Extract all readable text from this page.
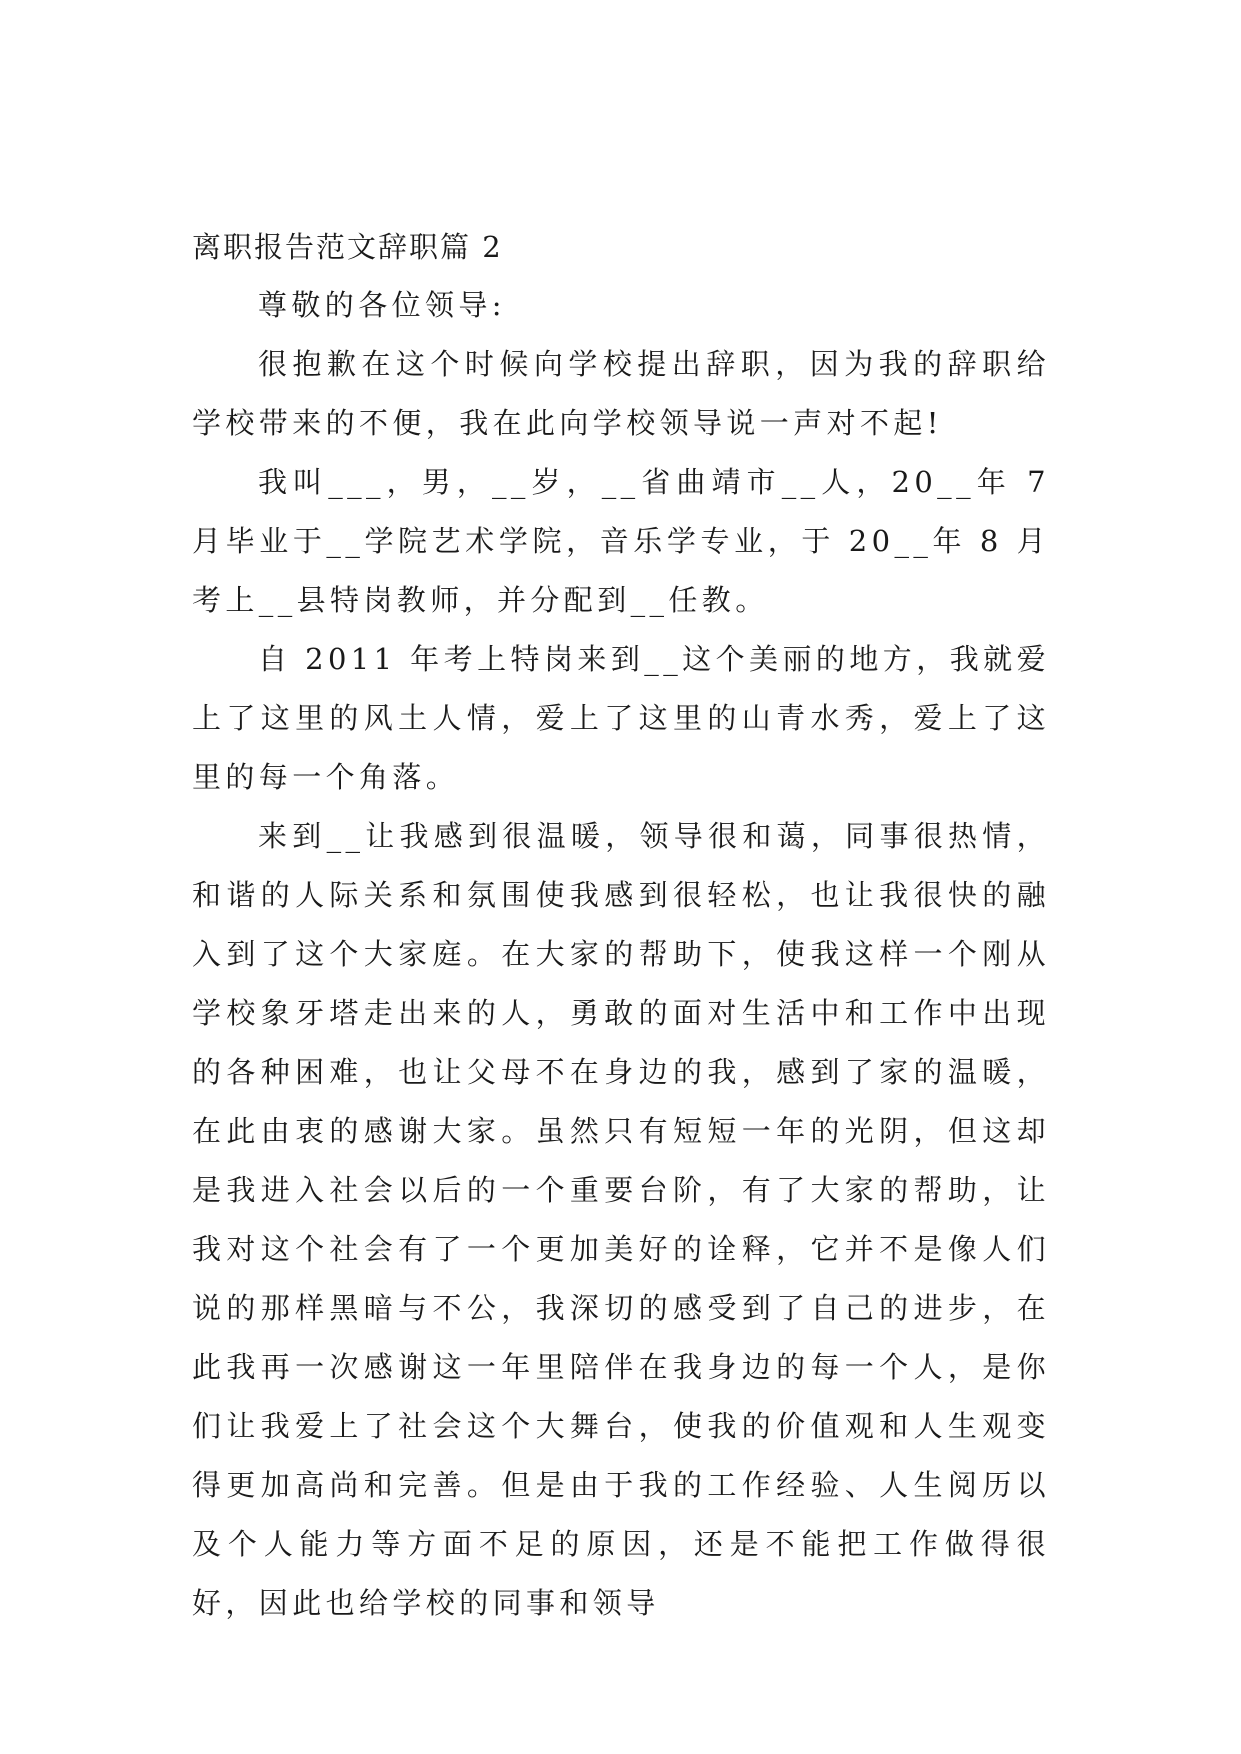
离职报告范文辞职篇 2

尊敬的各位领导:

很抱歉在这个时候向学校提出辞职，因为我的辞职给学校带来的不便，我在此向学校领导说一声对不起!

我叫___，男，__岁，__省曲靖市__人，20__年 7 月毕业于__学院艺术学院，音乐学专业，于 20__年 8 月考上__县特岗教师，并分配到__任教。

自 2011 年考上特岗来到__这个美丽的地方，我就爱上了这里的风土人情，爱上了这里的山青水秀，爱上了这里的每一个角落。

来到__让我感到很温暖，领导很和蔼，同事很热情，和谐的人际关系和氛围使我感到很轻松，也让我很快的融入到了这个大家庭。在大家的帮助下，使我这样一个刚从学校象牙塔走出来的人，勇敢的面对生活中和工作中出现的各种困难，也让父母不在身边的我，感到了家的温暖，在此由衷的感谢大家。虽然只有短短一年的光阴，但这却是我进入社会以后的一个重要台阶，有了大家的帮助，让我对这个社会有了一个更加美好的诠释，它并不是像人们说的那样黑暗与不公，我深切的感受到了自己的进步，在此我再一次感谢这一年里陪伴在我身边的每一个人，是你们让我爱上了社会这个大舞台，使我的价值观和人生观变得更加高尚和完善。但是由于我的工作经验、人生阅历以及个人能力等方面不足的原因，还是不能把工作做得很好，因此也给学校的同事和领导
